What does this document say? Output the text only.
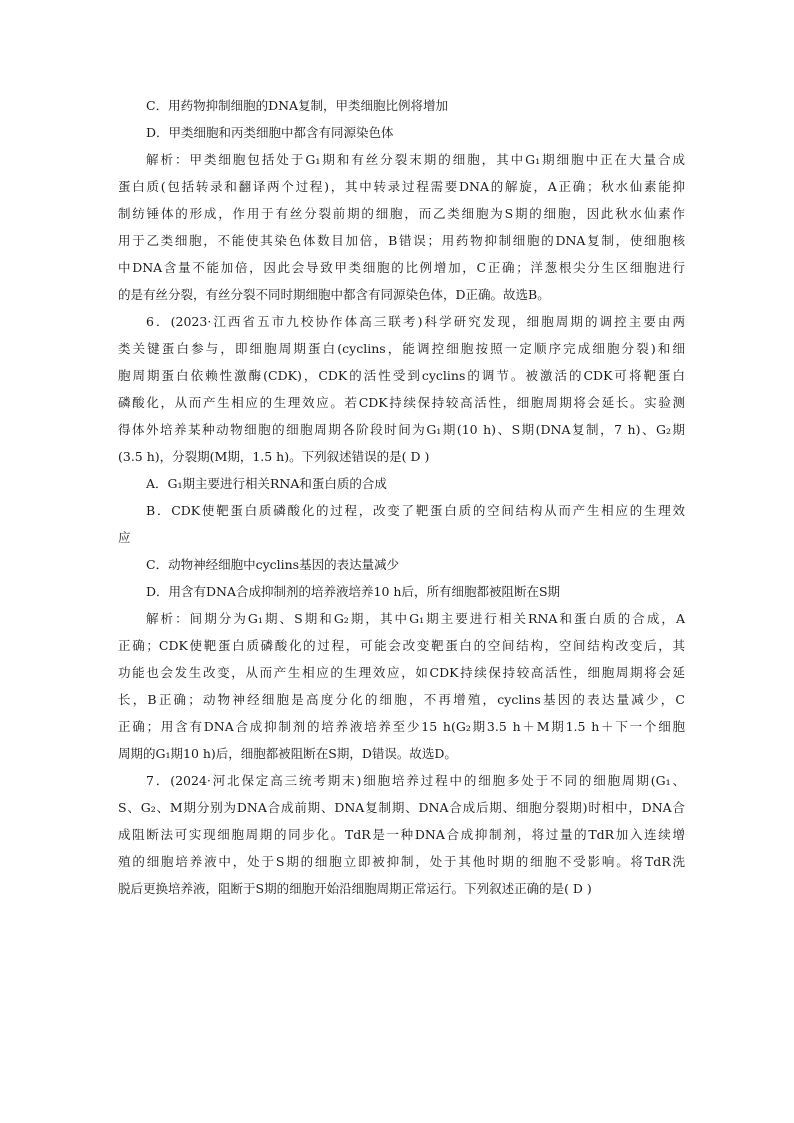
C．用药物抑制细胞的DNA复制，甲类细胞比例将增加
D．甲类细胞和丙类细胞中都含有同源染色体
解析：甲类细胞包括处于G₁期和有丝分裂末期的细胞，其中G₁期细胞中正在大量合成
蛋白质(包括转录和翻译两个过程)，其中转录过程需要DNA的解旋，A正确；秋水仙素能抑
制纺锤体的形成，作用于有丝分裂前期的细胞，而乙类细胞为S期的细胞，因此秋水仙素作
用于乙类细胞，不能使其染色体数目加倍，B错误；用药物抑制细胞的DNA复制，使细胞核
中DNA含量不能加倍，因此会导致甲类细胞的比例增加，C正确；洋葱根尖分生区细胞进行
的是有丝分裂，有丝分裂不同时期细胞中都含有同源染色体，D正确。故选B。
6．(2023·江西省五市九校协作体高三联考)科学研究发现，细胞周期的调控主要由两
类关键蛋白参与，即细胞周期蛋白(cyclins，能调控细胞按照一定顺序完成细胞分裂)和细
胞周期蛋白依赖性激酶(CDK)，CDK的活性受到cyclins的调节。被激活的CDK可将靶蛋白
磷酸化，从而产生相应的生理效应。若CDK持续保持较高活性，细胞周期将会延长。实验测
得体外培养某种动物细胞的细胞周期各阶段时间为G₁期(10 h)、S期(DNA复制，7 h)、G₂期
(3.5 h)，分裂期(M期，1.5 h)。下列叙述错误的是( D )
A．G₁期主要进行相关RNA和蛋白质的合成
B．CDK使靶蛋白质磷酸化的过程，改变了靶蛋白质的空间结构从而产生相应的生理效
应
C．动物神经细胞中cyclins基因的表达量减少
D．用含有DNA合成抑制剂的培养液培养10 h后，所有细胞都被阻断在S期
解析：间期分为G₁期、S期和G₂期，其中G₁期主要进行相关RNA和蛋白质的合成，A
正确；CDK使靶蛋白质磷酸化的过程，可能会改变靶蛋白的空间结构，空间结构改变后，其
功能也会发生改变，从而产生相应的生理效应，如CDK持续保持较高活性，细胞周期将会延
长，B正确；动物神经细胞是高度分化的细胞，不再增殖，cyclins基因的表达量减少，C
正确；用含有DNA合成抑制剂的培养液培养至少15 h(G₂期3.5 h＋M期1.5 h＋下一个细胞
周期的G₁期10 h)后，细胞都被阻断在S期，D错误。故选D。
7．(2024·河北保定高三统考期末)细胞培养过程中的细胞多处于不同的细胞周期(G₁、
S、G₂、M期分别为DNA合成前期、DNA复制期、DNA合成后期、细胞分裂期)时相中，DNA合
成阻断法可实现细胞周期的同步化。TdR是一种DNA合成抑制剂，将过量的TdR加入连续增
殖的细胞培养液中，处于S期的细胞立即被抑制，处于其他时期的细胞不受影响。将TdR洗
脱后更换培养液，阻断于S期的细胞开始沿细胞周期正常运行。下列叙述正确的是( D )
